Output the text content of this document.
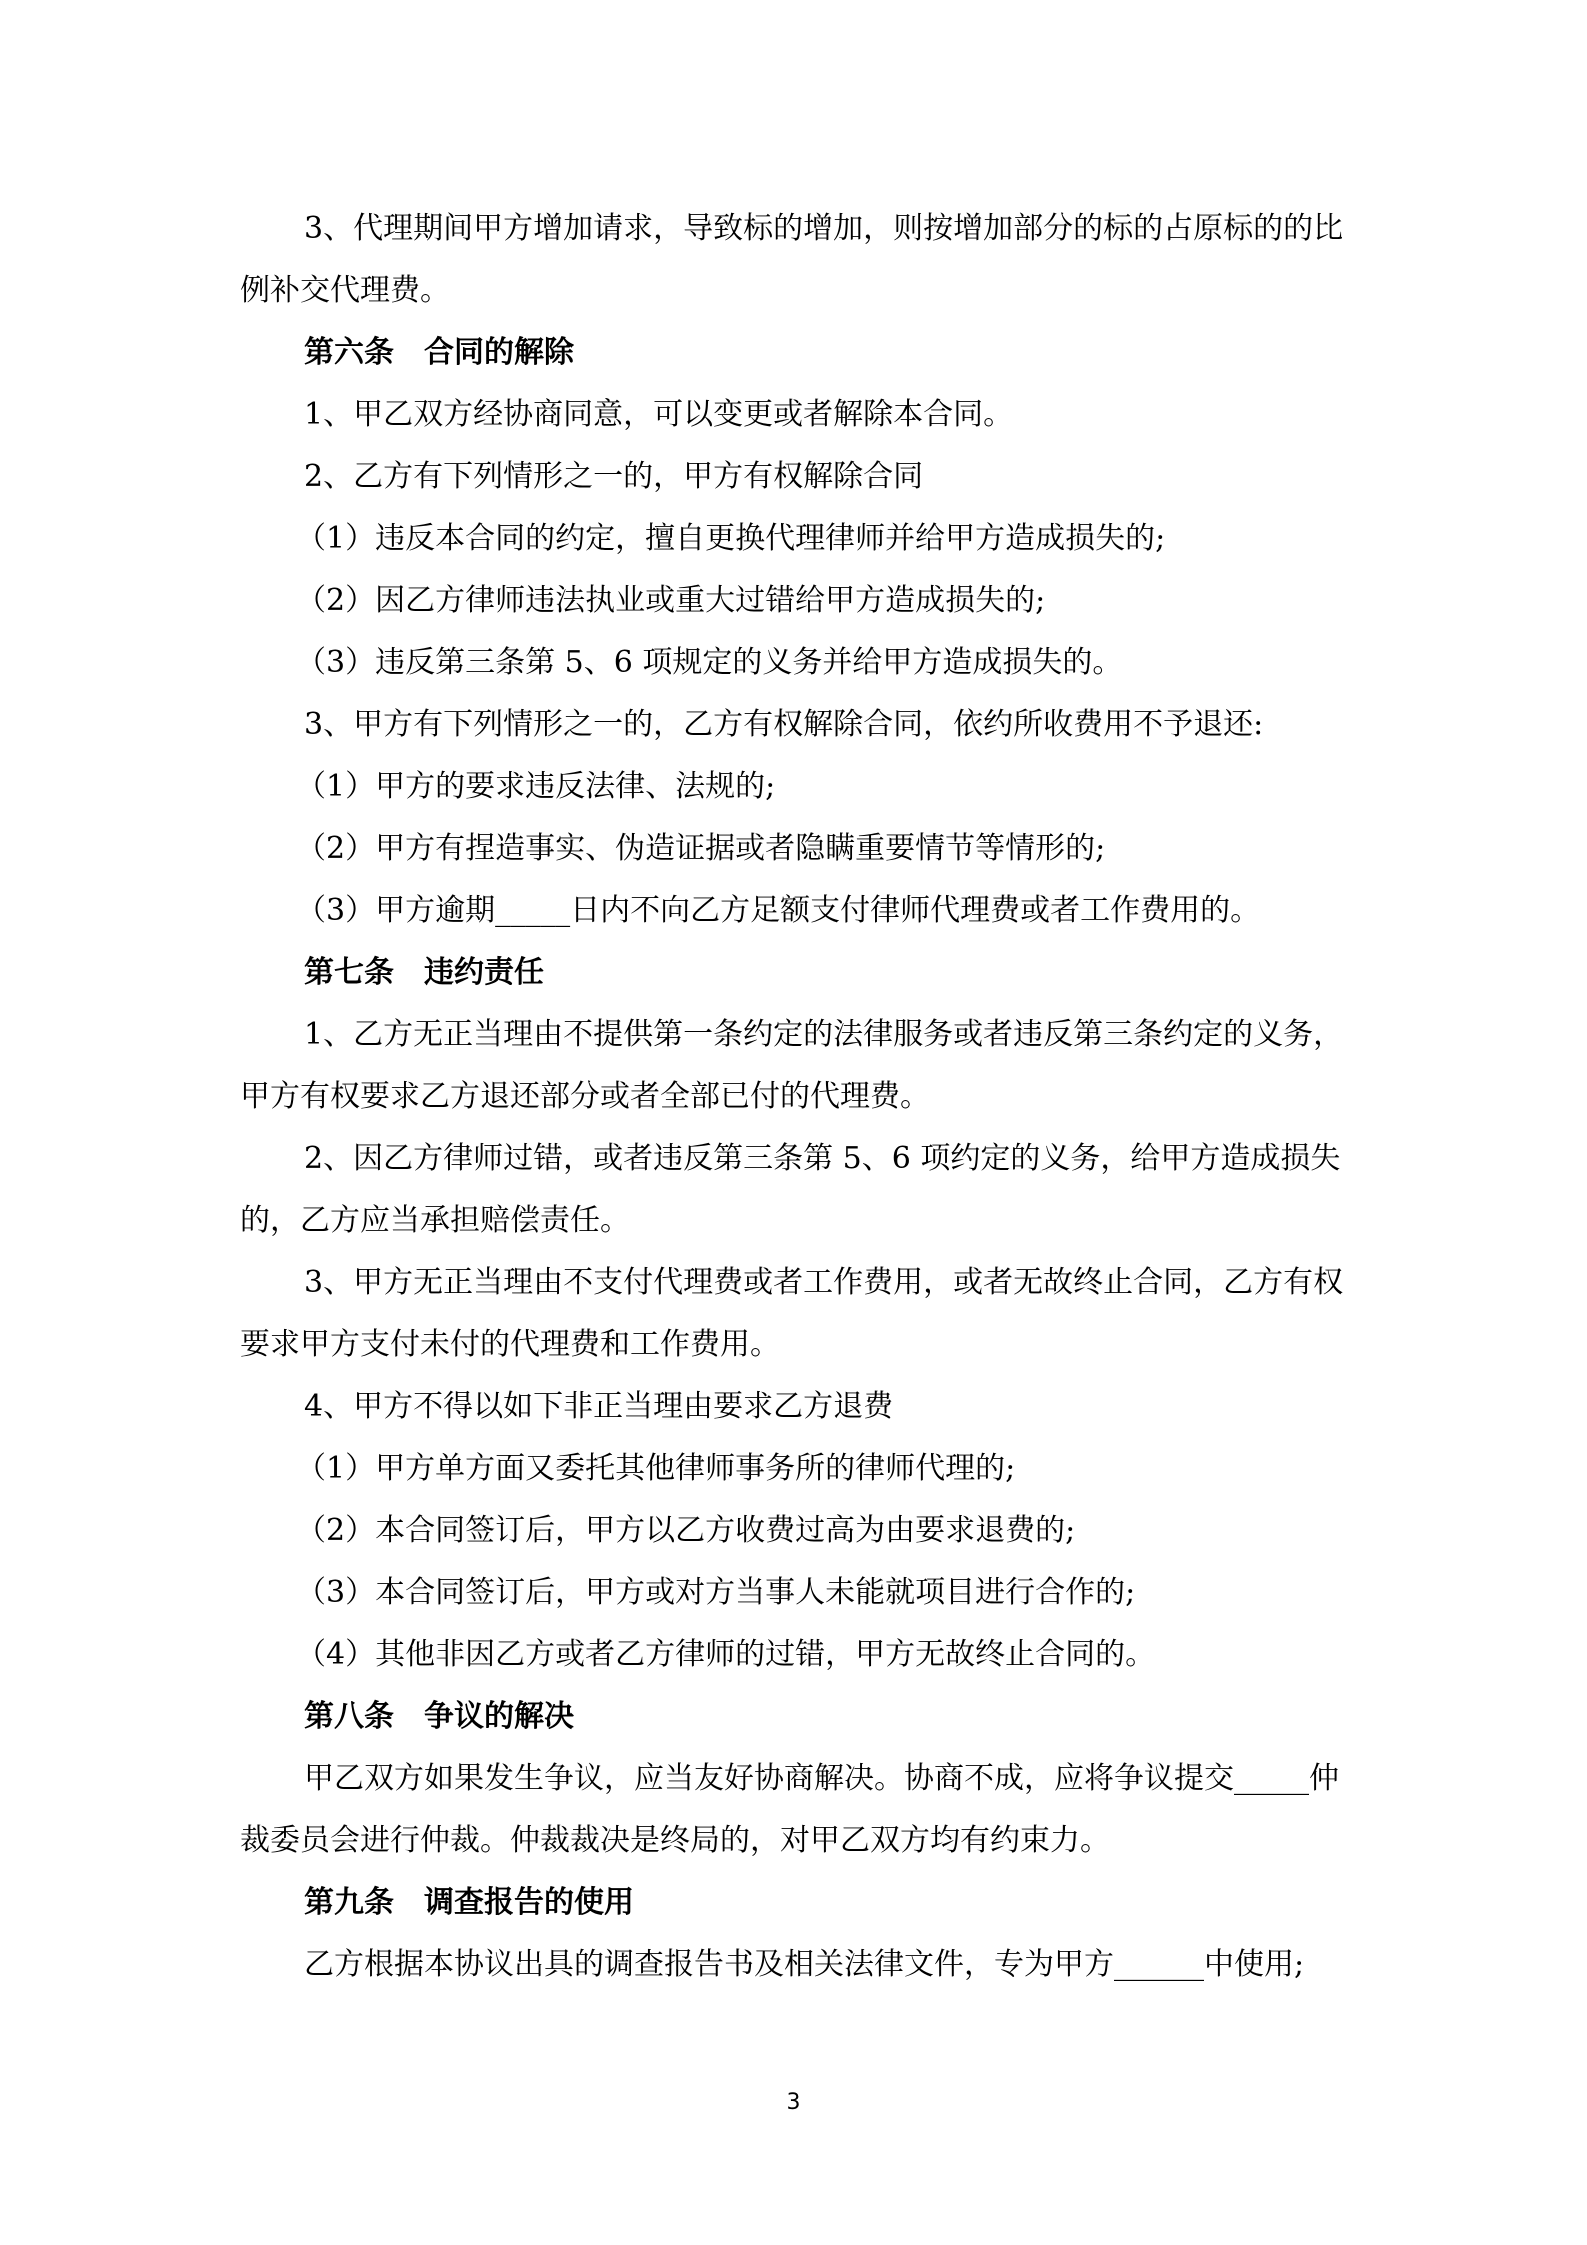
3、代理期间甲方增加请求，导致标的增加，则按增加部分的标的占原标的的比例补交代理费。

第六条　合同的解除

1、甲乙双方经协商同意，可以变更或者解除本合同。

2、乙方有下列情形之一的，甲方有权解除合同

（1）违反本合同的约定，擅自更换代理律师并给甲方造成损失的;

（2）因乙方律师违法执业或重大过错给甲方造成损失的;

（3）违反第三条第 5、6 项规定的义务并给甲方造成损失的。

3、甲方有下列情形之一的，乙方有权解除合同，依约所收费用不予退还:

（1）甲方的要求违反法律、法规的;

（2）甲方有捏造事实、伪造证据或者隐瞒重要情节等情形的;

（3）甲方逾期_____日内不向乙方足额支付律师代理费或者工作费用的。

第七条　违约责任

1、乙方无正当理由不提供第一条约定的法律服务或者违反第三条约定的义务，甲方有权要求乙方退还部分或者全部已付的代理费。

2、因乙方律师过错，或者违反第三条第 5、6 项约定的义务，给甲方造成损失的，乙方应当承担赔偿责任。

3、甲方无正当理由不支付代理费或者工作费用，或者无故终止合同，乙方有权要求甲方支付未付的代理费和工作费用。

4、甲方不得以如下非正当理由要求乙方退费

（1）甲方单方面又委托其他律师事务所的律师代理的;

（2）本合同签订后，甲方以乙方收费过高为由要求退费的;

（3）本合同签订后，甲方或对方当事人未能就项目进行合作的;

（4）其他非因乙方或者乙方律师的过错，甲方无故终止合同的。

第八条　争议的解决

甲乙双方如果发生争议，应当友好协商解决。协商不成，应将争议提交_____仲裁委员会进行仲裁。仲裁裁决是终局的，对甲乙双方均有约束力。

第九条　调查报告的使用

乙方根据本协议出具的调查报告书及相关法律文件，专为甲方______中使用;

3
